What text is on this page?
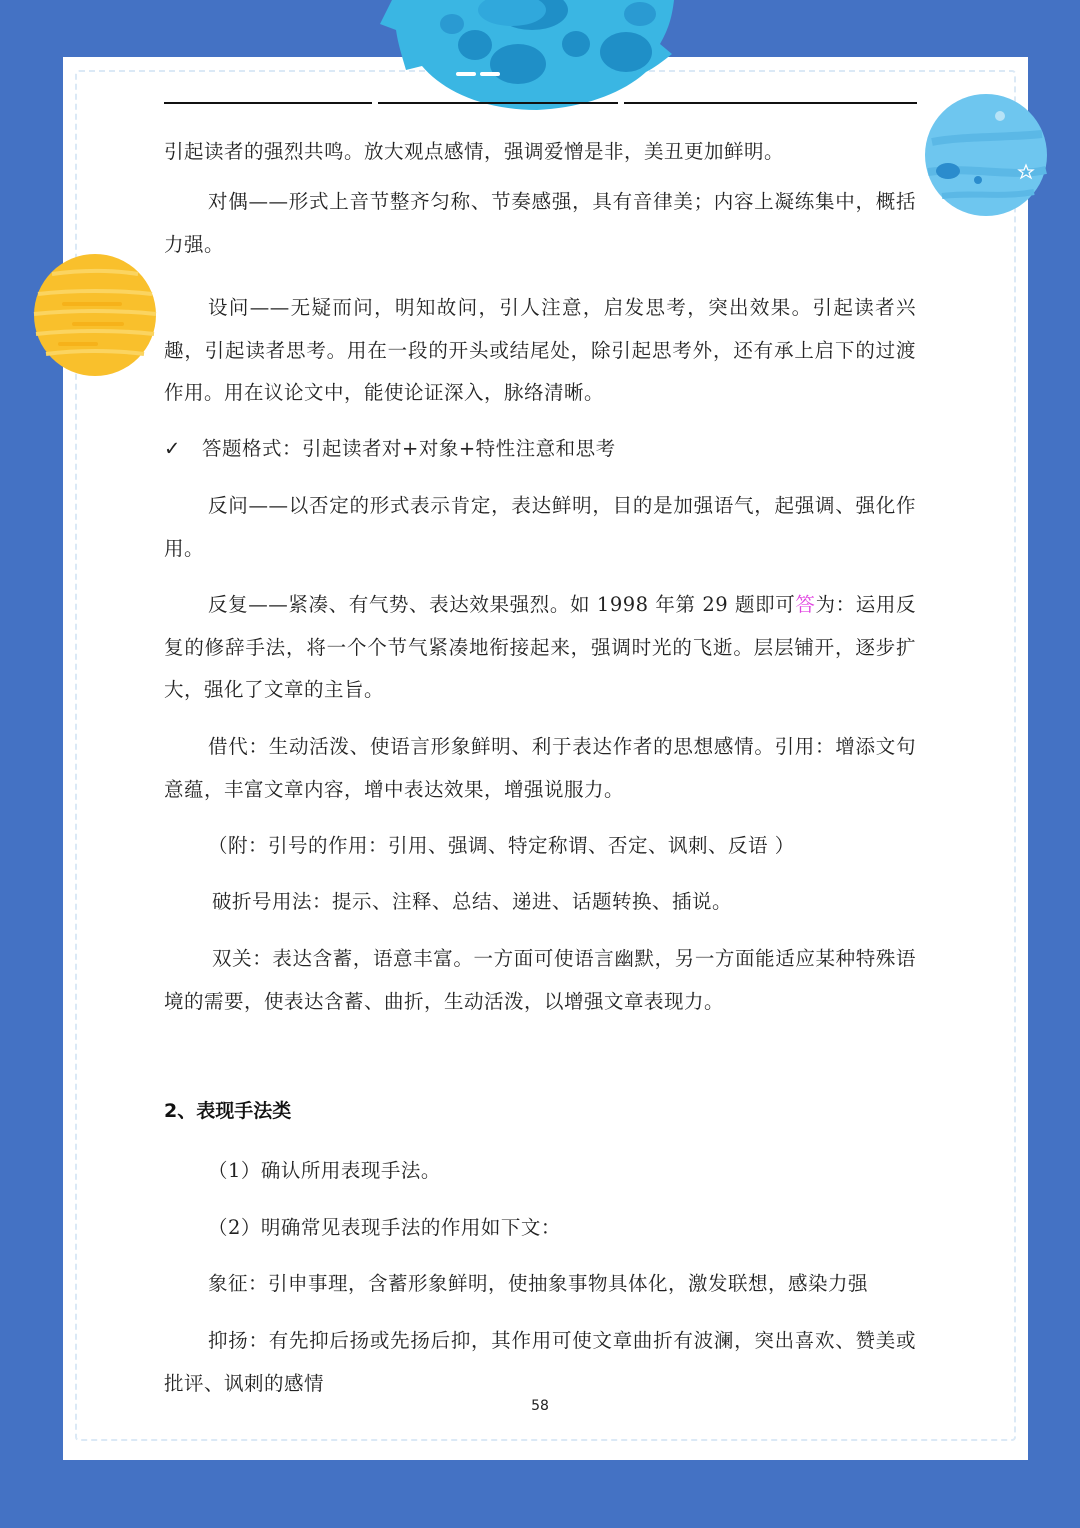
引起读者的强烈共鸣。放大观点感情，强调爱憎是非，美丑更加鲜明。

对偶——形式上音节整齐匀称、节奏感强，具有音律美；内容上凝练集中，概括力强。

设问——无疑而问，明知故问，引人注意，启发思考，突出效果。引起读者兴趣，引起读者思考。用在一段的开头或结尾处，除引起思考外，还有承上启下的过渡作用。用在议论文中，能使论证深入，脉络清晰。

✓ 答题格式：引起读者对+对象+特性注意和思考

反问——以否定的形式表示肯定，表达鲜明，目的是加强语气，起强调、强化作用。

反复——紧凑、有气势、表达效果强烈。如 1998 年第 29 题即可答为：运用反复的修辞手法，将一个个节气紧凑地衔接起来，强调时光的飞逝。层层铺开，逐步扩大，强化了文章的主旨。

借代：生动活泼、使语言形象鲜明、利于表达作者的思想感情。引用：增添文句意蕴，丰富文章内容，增中表达效果，增强说服力。

（附：引号的作用：引用、强调、特定称谓、否定、讽刺、反语 ）

破折号用法：提示、注释、总结、递进、话题转换、插说。

双关：表达含蓄，语意丰富。一方面可使语言幽默，另一方面能适应某种特殊语境的需要，使表达含蓄、曲折，生动活泼，以增强文章表现力。

2、表现手法类

（1）确认所用表现手法。

（2）明确常见表现手法的作用如下文：

象征：引申事理，含蓄形象鲜明，使抽象事物具体化，激发联想，感染力强

抑扬：有先抑后扬或先扬后抑，其作用可使文章曲折有波澜，突出喜欢、赞美或批评、讽刺的感情

58
